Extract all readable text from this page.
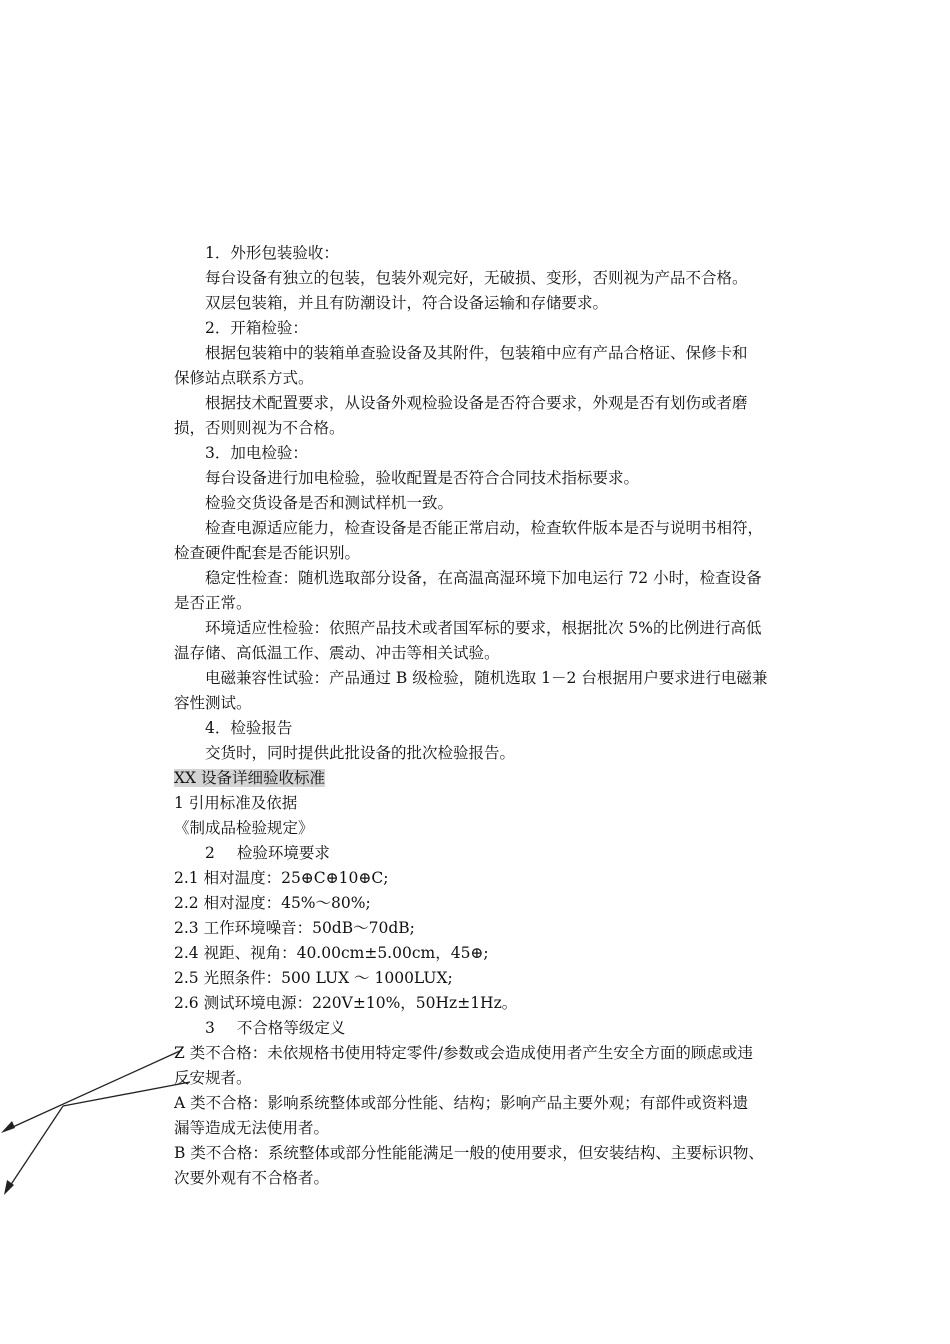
1．外形包装验收：

每台设备有独立的包装，包装外观完好，无破损、变形，否则视为产品不合格。

双层包装箱，并且有防潮设计，符合设备运输和存储要求。

2．开箱检验：

根据包装箱中的装箱单查验设备及其附件，包装箱中应有产品合格证、保修卡和

保修站点联系方式。

根据技术配置要求，从设备外观检验设备是否符合要求，外观是否有划伤或者磨

损，否则则视为不合格。

3．加电检验：

每台设备进行加电检验，验收配置是否符合合同技术指标要求。

检验交货设备是否和测试样机一致。

检查电源适应能力，检查设备是否能正常启动，检查软件版本是否与说明书相符，

检查硬件配套是否能识别。

稳定性检查：随机选取部分设备，在高温高湿环境下加电运行 72 小时，检查设备

是否正常。

环境适应性检验：依照产品技术或者国军标的要求，根据批次 5%的比例进行高低

温存储、高低温工作、震动、冲击等相关试验。

电磁兼容性试验：产品通过 B 级检验，随机选取 1－2 台根据用户要求进行电磁兼

容性测试。

4．检验报告

交货时，同时提供此批设备的批次检验报告。

XX 设备详细验收标准

1 引用标准及依据

《制成品检验规定》

2 检验环境要求

2.1 相对温度：25⊕C⊕10⊕C;

2.2 相对湿度：45%～80%;

2.3 工作环境噪音：50dB～70dB;

2.4 视距、视角：40.00cm±5.00cm，45⊕;

2.5 光照条件：500 LUX ～ 1000LUX;

2.6 测试环境电源：220V±10%，50Hz±1Hz。

3 不合格等级定义

Z 类不合格：未依规格书使用特定零件/参数或会造成使用者产生安全方面的顾虑或违

反安规者。

A 类不合格：影响系统整体或部分性能、结构；影响产品主要外观；有部件或资料遗

漏等造成无法使用者。

B 类不合格：系统整体或部分性能能满足一般的使用要求，但安装结构、主要标识物、

次要外观有不合格者。
